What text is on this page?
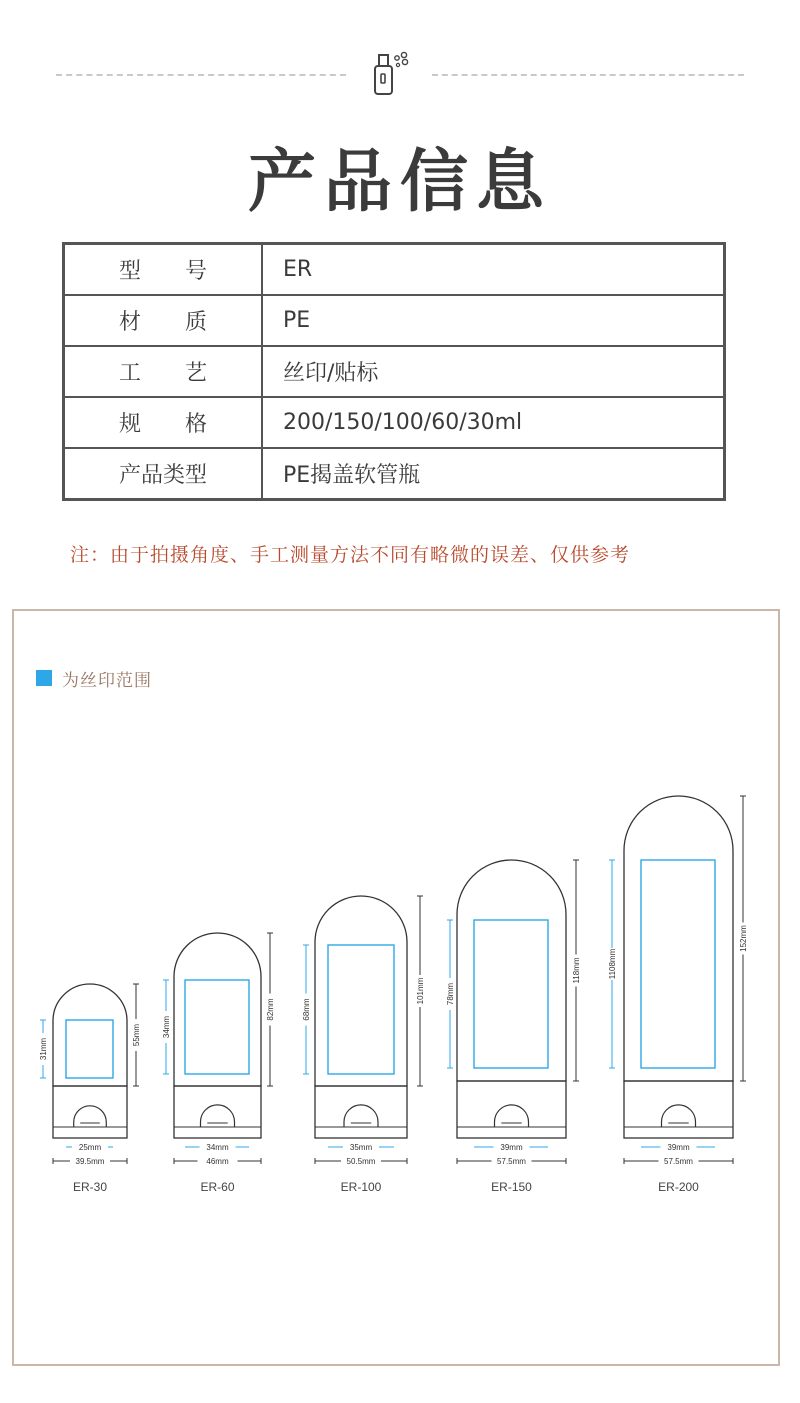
产品信息
型　　号	ER
材　　质	PE
工　　艺	丝印/贴标
规　　格	200/150/100/60/30ml
产品类型	PE揭盖软管瓶
注：由于拍摄角度、手工测量方法不同有略微的误差、仅供参考
为丝印范围
31mm
55mm
25mm
39.5mm
ER-30
34mm
82mm
34mm
46mm
ER-60
68mm
101mm
35mm
50.5mm
ER-100
78mm
118mm
39mm
57.5mm
ER-150
1108mm
152mm
39mm
57.5mm
ER-200
